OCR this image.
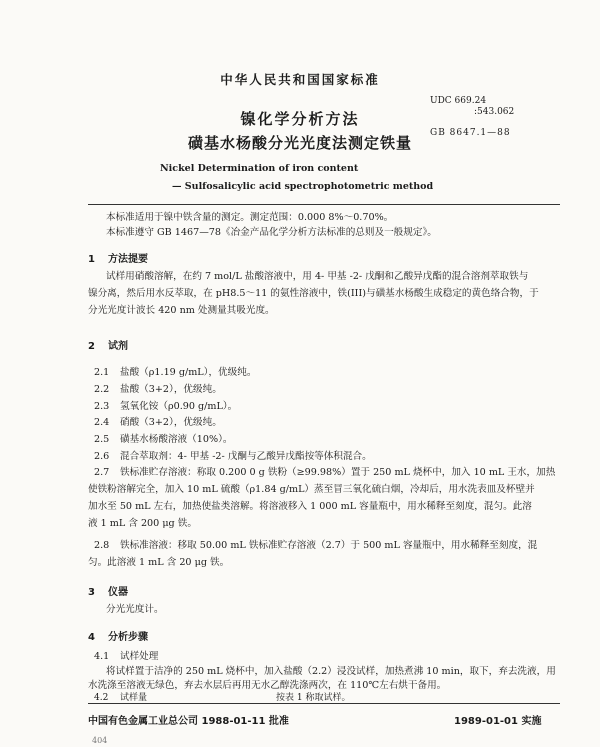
中华人民共和国国家标准
镍化学分析方法
磺基水杨酸分光光度法测定铁量
UDC 669.24
:543.062
GB 8647.1—88
Nickel Determination of iron content
— Sulfosalicylic acid spectrophotometric method
本标准适用于镍中铁含量的测定。测定范围：0.000 8%～0.70%。
本标准遵守 GB 1467—78《冶金产品化学分析方法标准的总则及一般规定》。
1 方法提要
试样用硝酸溶解，在约 7 mol/L 盐酸溶液中，用 4- 甲基 -2- 戊酮和乙酸异戊酯的混合溶剂萃取铁与
镍分离，然后用水反萃取，在 pH8.5～11 的氨性溶液中，铁(III)与磺基水杨酸生成稳定的黄色络合物，于
分光光度计波长 420 nm 处测量其吸光度。
2 试剂
2.1 盐酸（ρ1.19 g/mL），优级纯。
2.2 盐酸（3+2），优级纯。
2.3 氢氧化铵（ρ0.90 g/mL）。
2.4 硝酸（3+2），优级纯。
2.5 磺基水杨酸溶液（10%）。
2.6 混合萃取剂：4- 甲基 -2- 戊酮与乙酸异戊酯按等体积混合。
2.7 铁标准贮存溶液：称取 0.200 0 g 铁粉（≥99.98%）置于 250 mL 烧杯中，加入 10 mL 王水，加热
使铁粉溶解完全，加入 10 mL 硫酸（ρ1.84 g/mL）蒸至冒三氧化硫白烟，冷却后，用水洗表皿及杯壁并
加水至 50 mL 左右，加热使盐类溶解。将溶液移入 1 000 mL 容量瓶中，用水稀释至刻度，混匀。此溶
液 1 mL 含 200 μg 铁。
2.8 铁标准溶液：移取 50.00 mL 铁标准贮存溶液（2.7）于 500 mL 容量瓶中，用水稀释至刻度，混
匀。此溶液 1 mL 含 20 μg 铁。
3 仪器
分光光度计。
4 分析步骤
4.1 试样处理
将试样置于洁净的 250 mL 烧杯中，加入盐酸（2.2）浸没试样，加热煮沸 10 min，取下，弃去洗液，用
水洗涤至溶液无绿色，弃去水层后再用无水乙醇洗涤两次，在 110℃左右烘干备用。
4.2 试样量	按表 1 称取试样。
中国有色金属工业总公司 1988-01-11 批准	1989-01-01 实施
404
